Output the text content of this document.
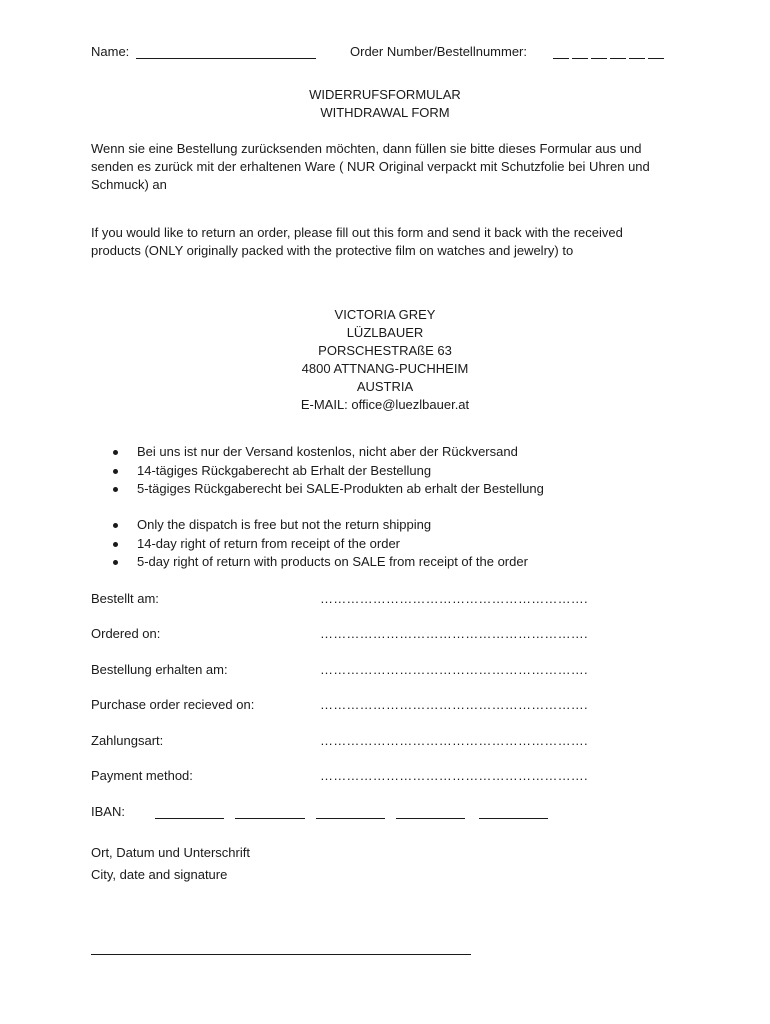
Name:	Order Number/Bestellnummer:
WIDERRUFSFORMULAR
WITHDRAWAL FORM
Wenn sie eine Bestellung zurücksenden möchten, dann füllen sie bitte dieses Formular aus und senden es zurück mit der erhaltenen Ware ( NUR Original verpackt mit Schutzfolie bei Uhren und Schmuck) an
If you would like to return an order, please fill out this form and send it back with the received products (ONLY originally packed with the protective film on watches and jewelry) to
VICTORIA GREY
LÜZLBAUER
PORSCHESTRAßE 63
4800 ATTNANG-PUCHHEIM
AUSTRIA
E-MAIL: office@luezlbauer.at
Bei uns ist nur der Versand kostenlos, nicht aber der Rückversand
14-tägiges Rückgaberecht ab Erhalt der Bestellung
5-tägiges Rückgaberecht bei SALE-Produkten ab erhalt der Bestellung
Only the dispatch is free but not the return shipping
14-day right of return from receipt of the order
5-day right of return with products on SALE from receipt of the order
Bestellt am:	…………………………………………………….
Ordered on:	…………………………………………………….
Bestellung erhalten am:	…………………………………………………….
Purchase order recieved on:	…………………………………………………….
Zahlungsart:	…………………………………………………….
Payment method:	…………………………………………………….
IBAN:
Ort, Datum und Unterschrift
City, date and signature
